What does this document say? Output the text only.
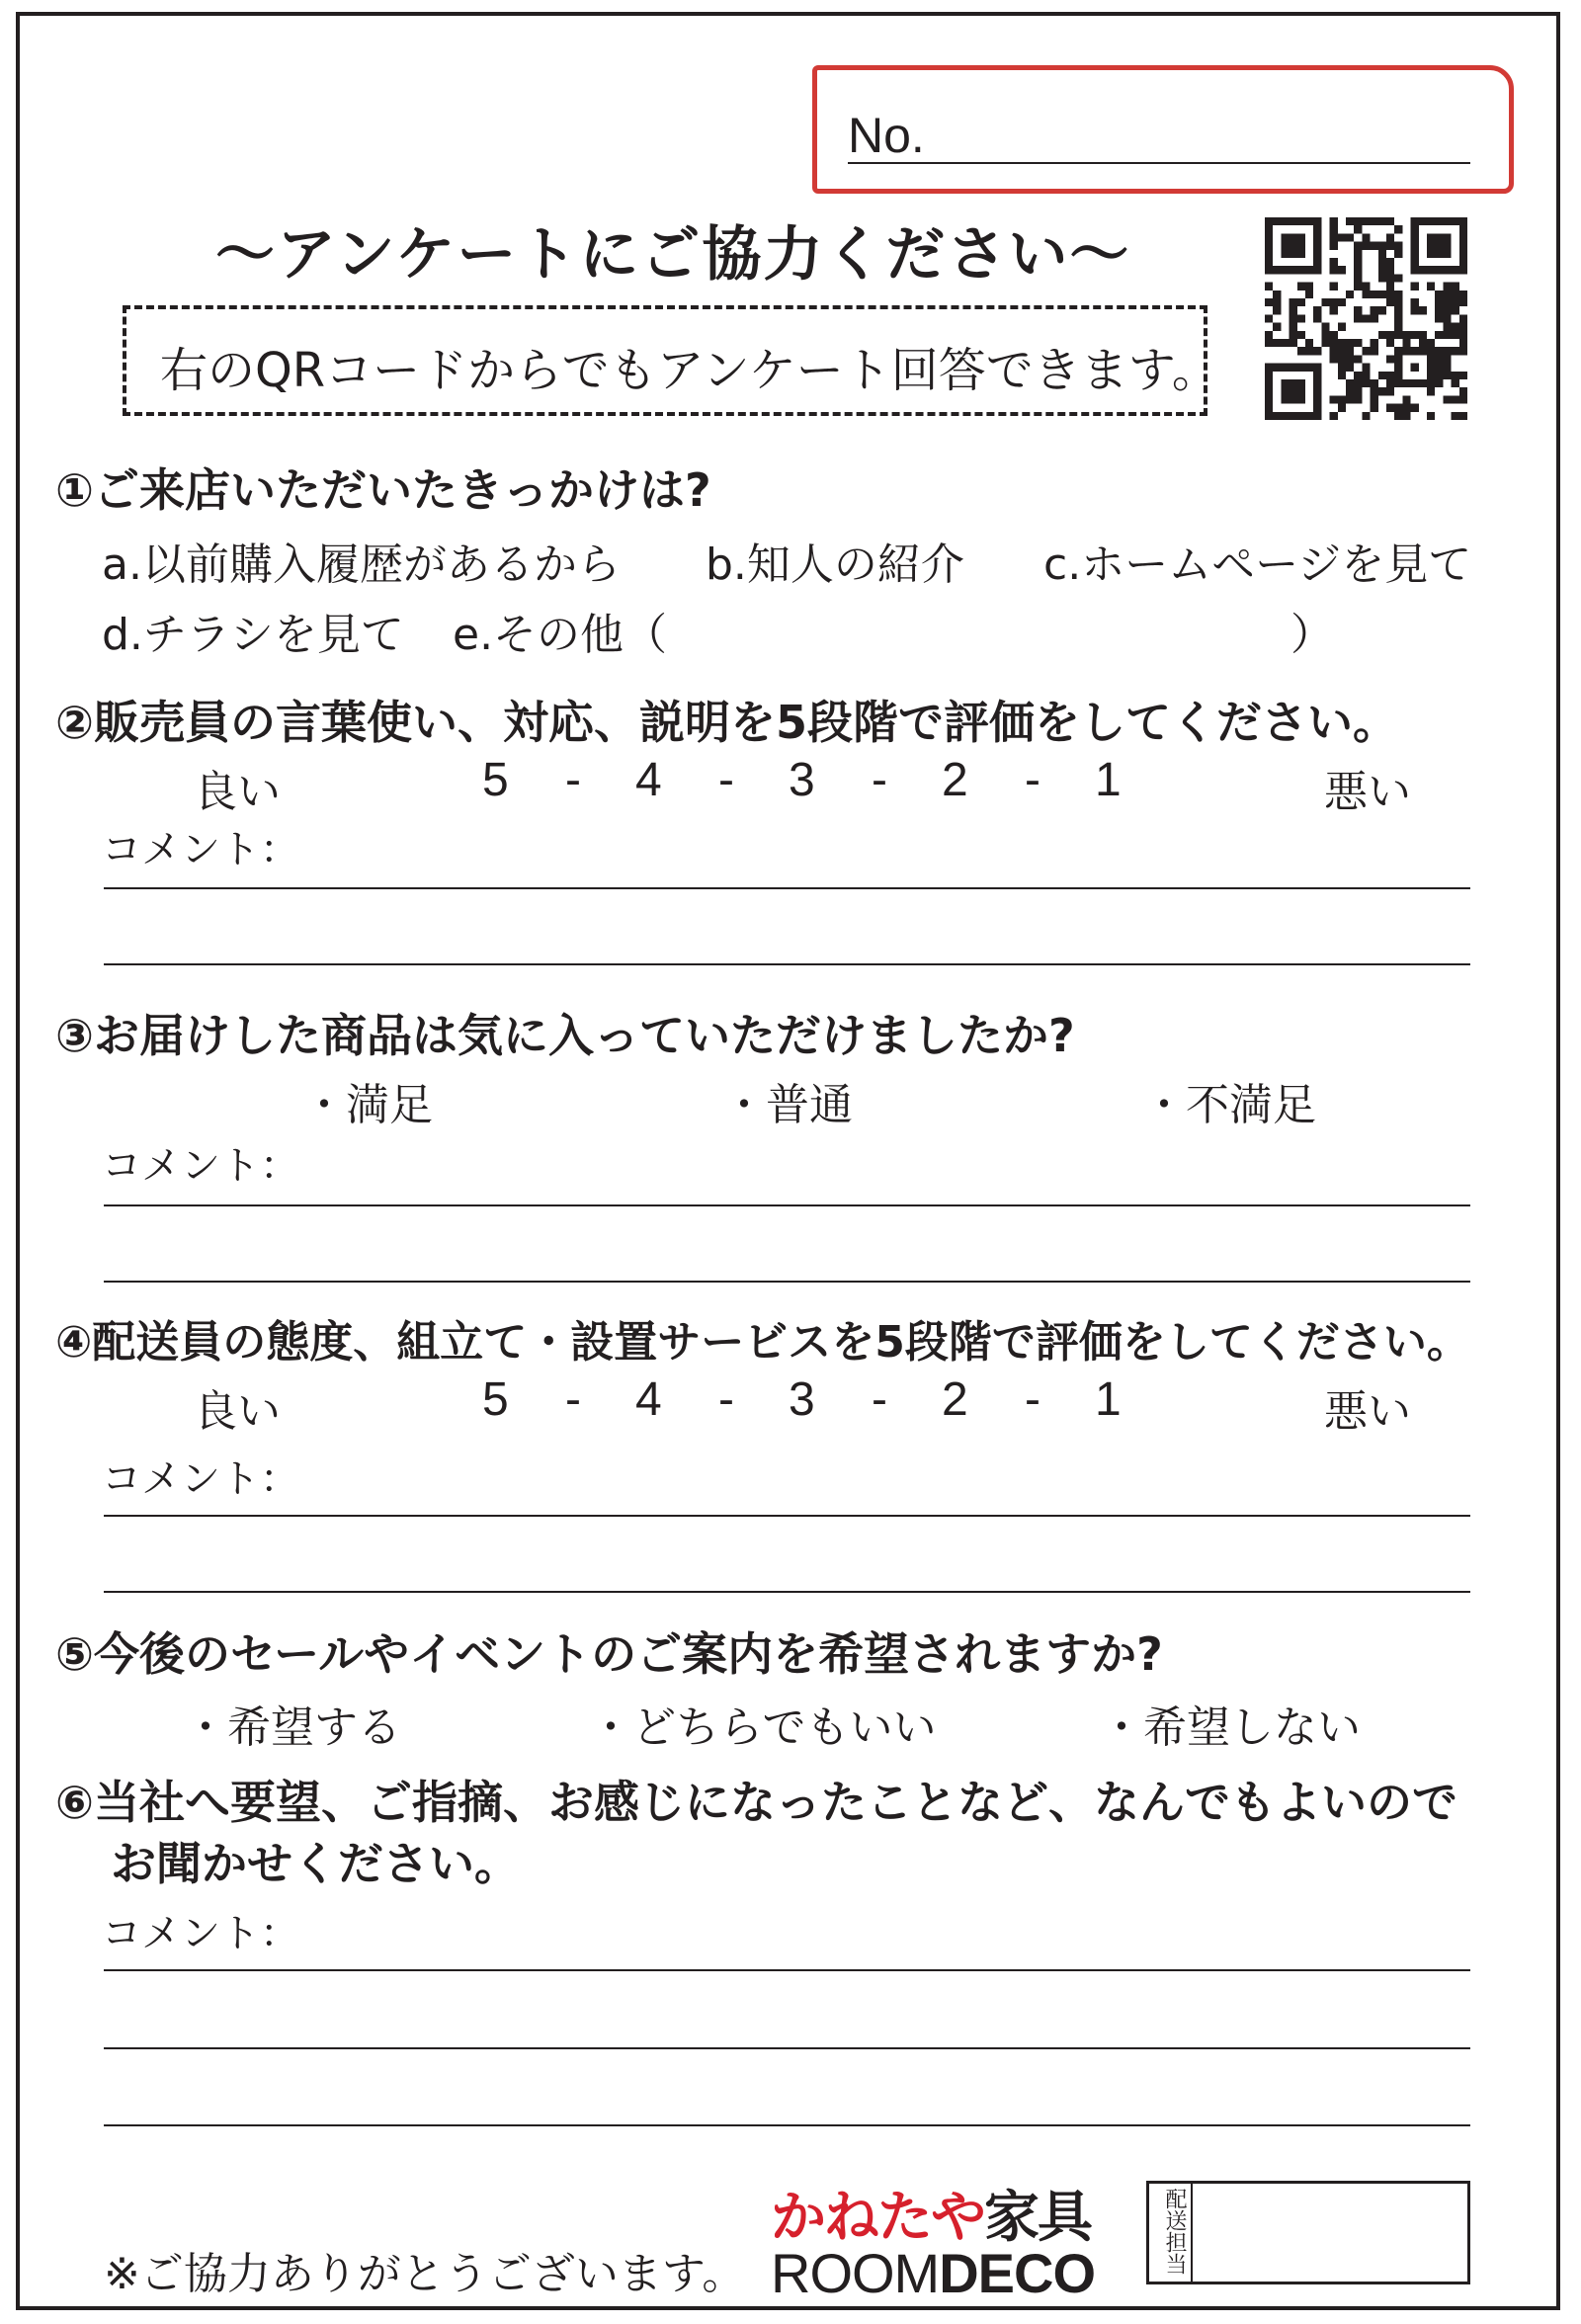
No.
～アンケートにご協力ください～
右のQRコードからでもアンケート回答できます。
①ご来店いただいたきっかけは?
a.以前購入履歴があるから b.知人の紹介 c.ホームページを見て
d.チラシを見て e.その他（	）
②販売員の言葉使い、対応、説明を5段階で評価をしてください。
良い	5 - 4 - 3 - 2 - 1	悪い
コメント：
③お届けした商品は気に入っていただけましたか?
・満足	・普通	・不満足
コメント：
④配送員の態度、組立て・設置サービスを5段階で評価をしてください。
良い	5 - 4 - 3 - 2 - 1	悪い
コメント：
⑤今後のセールやイベントのご案内を希望されますか?
・希望する	・どちらでもいい	・希望しない
⑥当社へ要望、ご指摘、お感じになったことなど、なんでもよいので
お聞かせください。
コメント：
※ご協力ありがとうございます。
かねたや家具
ROOMDECO	配送担当
